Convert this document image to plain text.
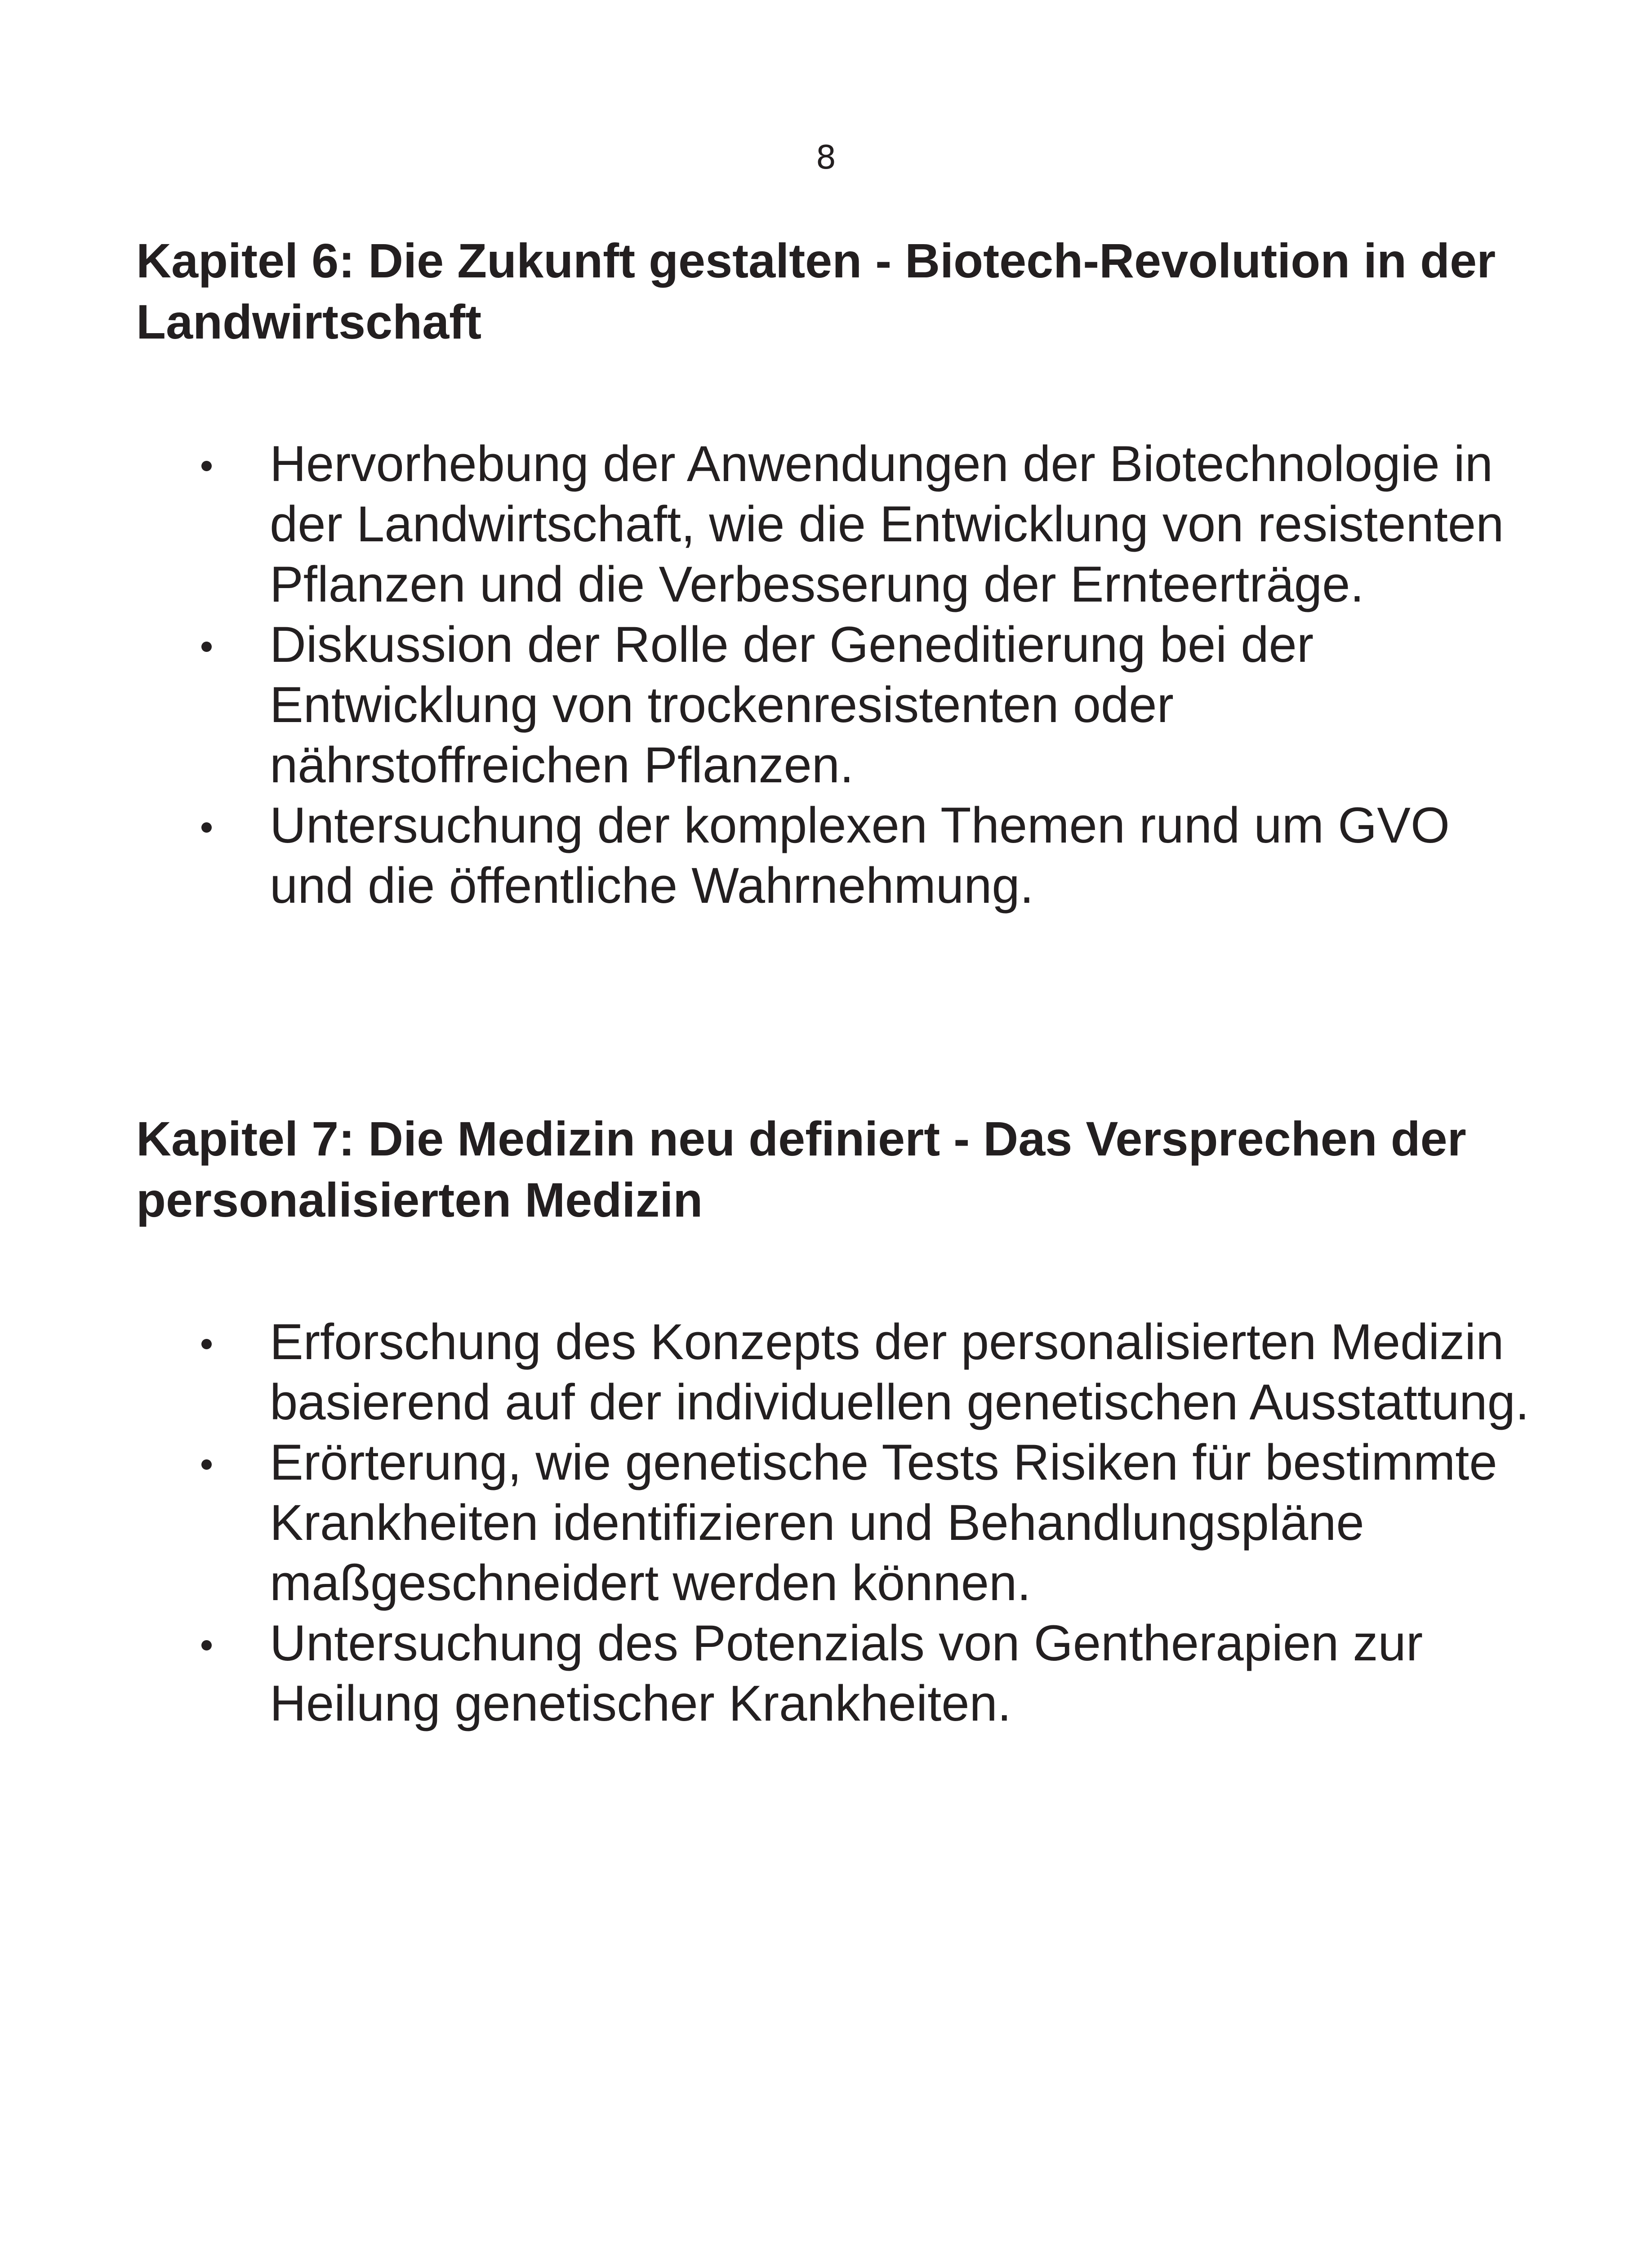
8
Kapitel 6: Die Zukunft gestalten - Biotech-Revolution in der Landwirtschaft
Hervorhebung der Anwendungen der Biotechnologie in der Landwirtschaft, wie die Entwicklung von resistenten Pflanzen und die Verbesserung der Ernteerträge.
Diskussion der Rolle der Geneditierung bei der Entwicklung von trockenresistenten oder nährstoffreichen Pflanzen.
Untersuchung der komplexen Themen rund um GVO und die öffentliche Wahrnehmung.
Kapitel 7: Die Medizin neu definiert - Das Versprechen der personalisierten Medizin
Erforschung des Konzepts der personalisierten Medizin basierend auf der individuellen genetischen Ausstattung.
Erörterung, wie genetische Tests Risiken für bestimmte Krankheiten identifizieren und Behandlungspläne maßgeschneidert werden können.
Untersuchung des Potenzials von Gentherapien zur Heilung genetischer Krankheiten.
